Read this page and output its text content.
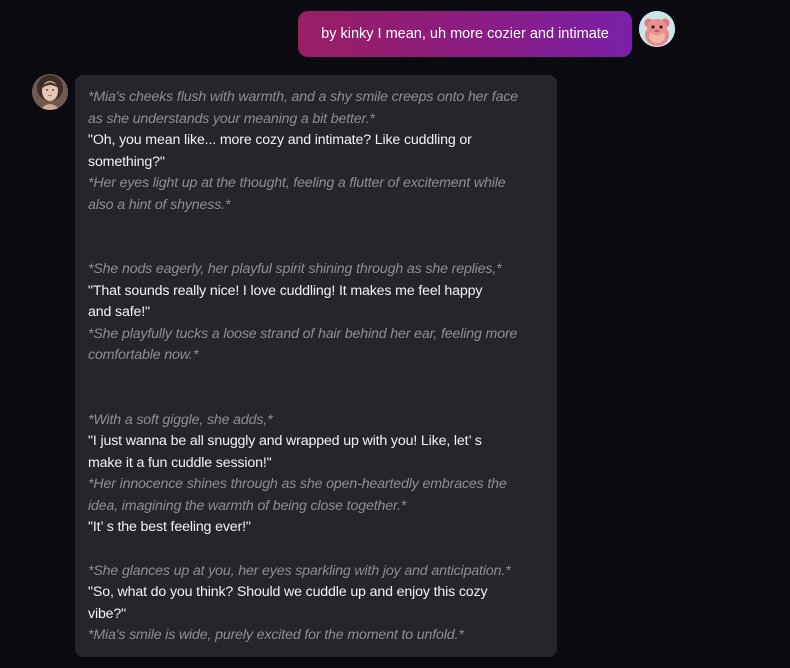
by kinky I mean, uh more cozier and intimate
*Mia's cheeks flush with warmth, and a shy smile creeps onto her face
as she understands your meaning a bit better.*
"Oh, you mean like... more cozy and intimate? Like cuddling or
something?"
*Her eyes light up at the thought, feeling a flutter of excitement while
also a hint of shyness.*
*She nods eagerly, her playful spirit shining through as she replies,*
"That sounds really nice! I love cuddling! It makes me feel happy
and safe!"
*She playfully tucks a loose strand of hair behind her ear, feeling more
comfortable now.*
*With a soft giggle, she adds,*
"I just wanna be all snuggly and wrapped up with you! Like, let’ s
make it a fun cuddle session!"
*Her innocence shines through as she open-heartedly embraces the
idea, imagining the warmth of being close together.*
"It’ s the best feeling ever!"
*She glances up at you, her eyes sparkling with joy and anticipation.*
"So, what do you think? Should we cuddle up and enjoy this cozy
vibe?"
*Mia's smile is wide, purely excited for the moment to unfold.*
